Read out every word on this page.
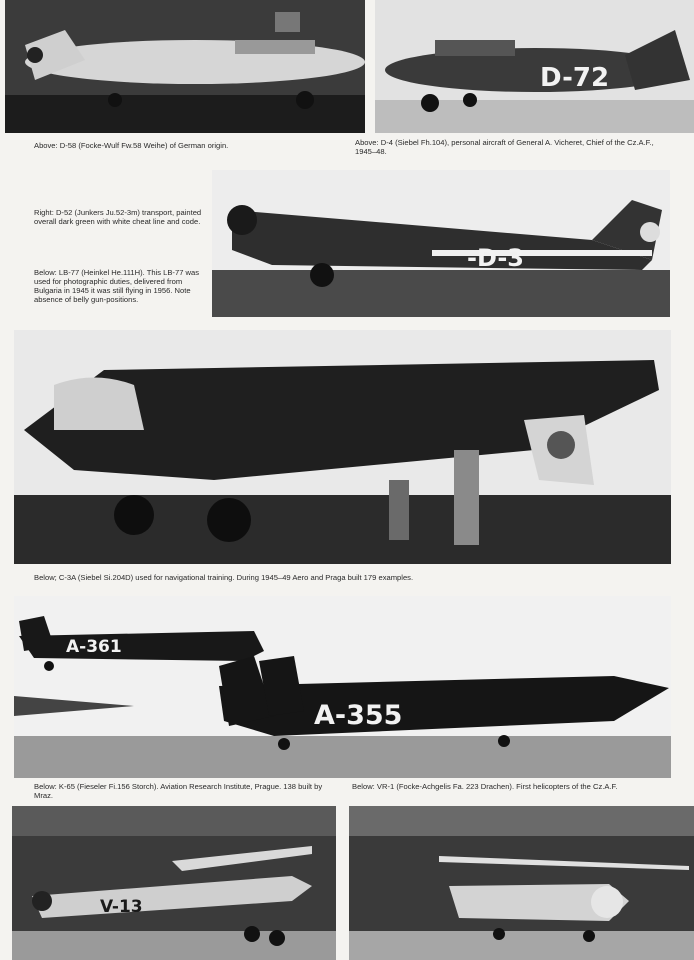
D-72

Above: D-58 (Focke-Wulf Fw.58 Weihe) of German origin.	Above: D-4 (Siebel Fh.104), personal aircraft of General A. Vicheret, Chief of the Cz.A.F., 1945–48.

-D-3

Right: D-52 (Junkers Ju.52-3m) transport, painted overall dark green with white cheat line and code.

Below: LB-77 (Heinkel He.111H). This LB-77 was used for photographic duties, delivered from Bulgaria in 1945 it was still flying in 1956. Note absence of belly gun-positions.

Below; C-3A (Siebel Si.204D) used for navigational training. During 1945–49 Aero and Praga built 179 examples.

A-361
A-355

Below: K-65 (Fieseler Fi.156 Storch). Aviation Research Institute, Prague. 138 built by Mraz.

Below: VR-1 (Focke-Achgelis Fa. 223 Drachen). First helicopters of the Cz.A.F.

V-13
